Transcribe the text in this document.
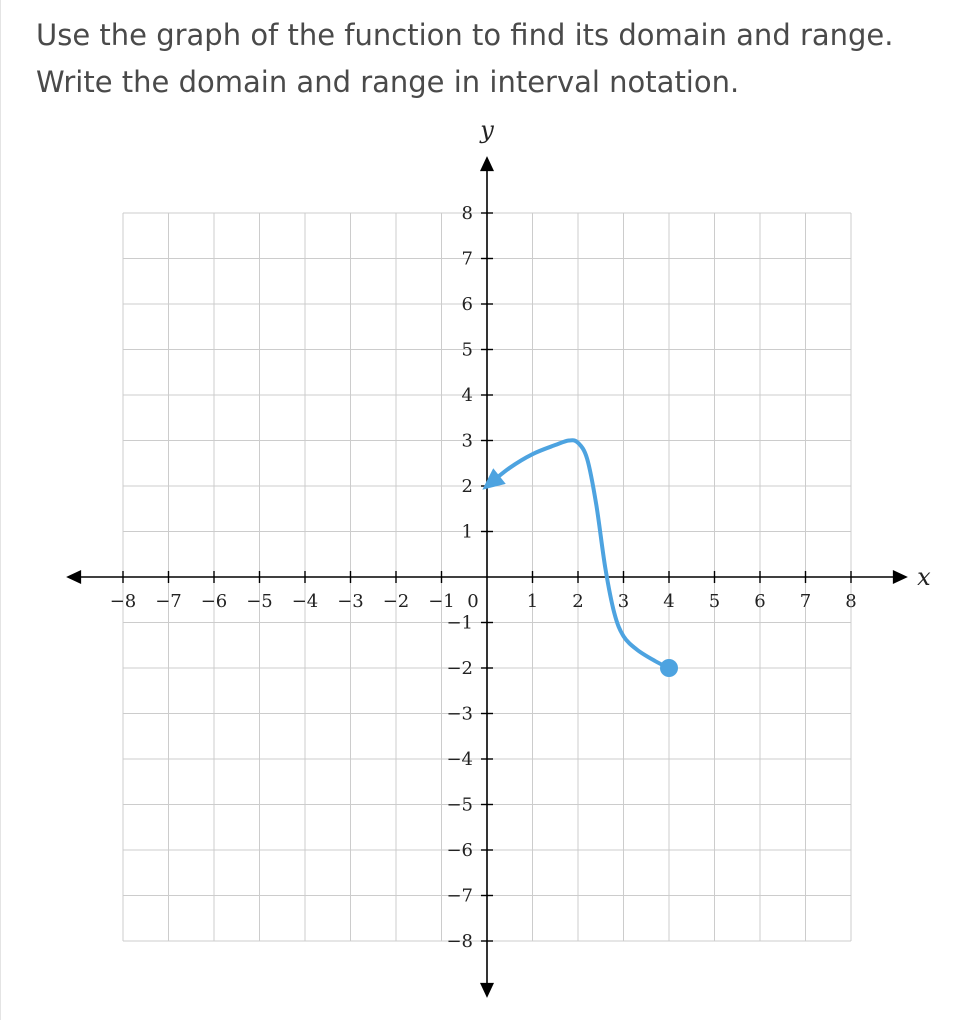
Use the graph of the function to find its domain and range.
Write the domain and range in interval notation.
x
y
−8 −7 −6 −5 −4 −3 −2 −1 0	1 2 3 4 5 6 7 8
8
7
6
5
4
3
2
1
−1
−2
−3
−4
−5
−6
−7
−8
